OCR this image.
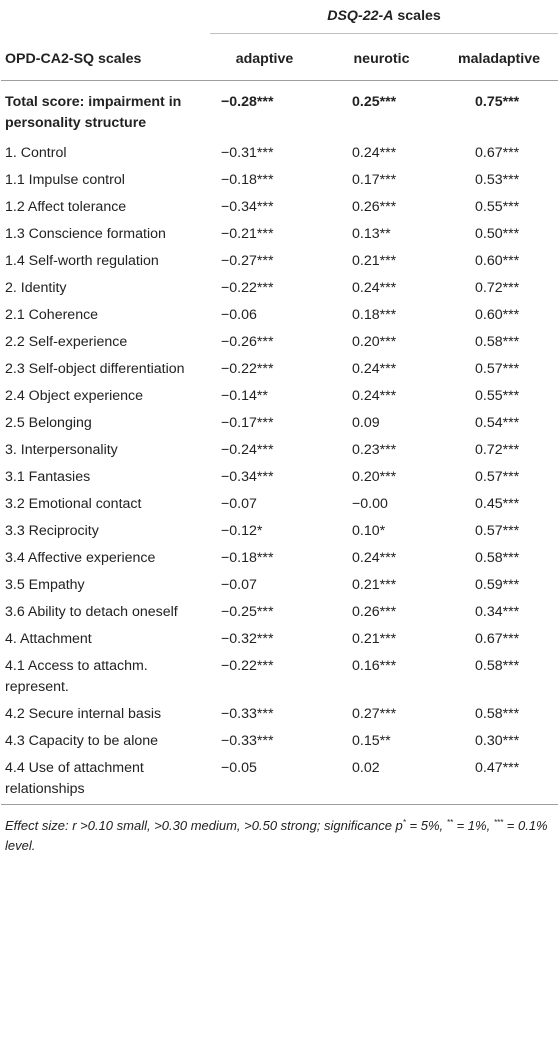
	DSQ-22-A scales		

OPD-CA2-SQ scales	adaptive	neurotic	maladaptive
Total score: impairment in personality structure	−0.28***	0.25***	0.75***
1. Control	−0.31***	0.24***	0.67***
1.1 Impulse control	−0.18***	0.17***	0.53***
1.2 Affect tolerance	−0.34***	0.26***	0.55***
1.3 Conscience formation	−0.21***	0.13**	0.50***
1.4 Self-worth regulation	−0.27***	0.21***	0.60***
2. Identity	−0.22***	0.24***	0.72***
2.1 Coherence	−0.06	0.18***	0.60***
2.2 Self-experience	−0.26***	0.20***	0.58***
2.3 Self-object differentiation	−0.22***	0.24***	0.57***
2.4 Object experience	−0.14**	0.24***	0.55***
2.5 Belonging	−0.17***	0.09	0.54***
3. Interpersonality	−0.24***	0.23***	0.72***
3.1 Fantasies	−0.34***	0.20***	0.57***
3.2 Emotional contact	−0.07	−0.00	0.45***
3.3 Reciprocity	−0.12*	0.10*	0.57***
3.4 Affective experience	−0.18***	0.24***	0.58***
3.5 Empathy	−0.07	0.21***	0.59***
3.6 Ability to detach oneself	−0.25***	0.26***	0.34***
4. Attachment	−0.32***	0.21***	0.67***
4.1 Access to attachm. represent.	−0.22***	0.16***	0.58***
4.2 Secure internal basis	−0.33***	0.27***	0.58***
4.3 Capacity to be alone	−0.33***	0.15**	0.30***
4.4 Use of attachment relationships	−0.05	0.02	0.47***
Effect size: r >0.10 small, >0.30 medium, >0.50 strong; significance p* = 5%, ** = 1%, *** = 0.1% level.
